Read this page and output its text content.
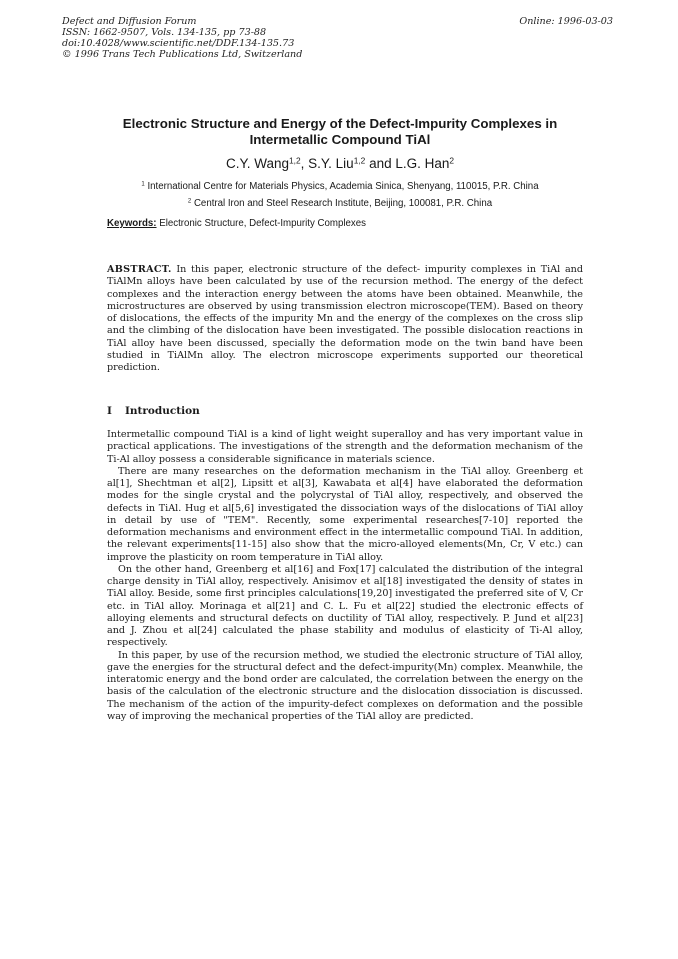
Defect and Diffusion Forum
ISSN: 1662-9507, Vols. 134-135, pp 73-88
doi:10.4028/www.scientific.net/DDF.134-135.73
© 1996 Trans Tech Publications Ltd, Switzerland
Online: 1996-03-03
Electronic Structure and Energy of the Defect-Impurity Complexes in
Intermetallic Compound TiAl
C.Y. Wang$^{1,2}$, S.Y. Liu$^{1,2}$ and L.G. Han$^2$
$^1$ International Centre for Materials Physics, Academia Sinica, Shenyang, 110015, P.R. China
$^2$ Central Iron and Steel Research Institute, Beijing, 100081, P.R. China
Keywords: Electronic Structure, Defect-Impurity Complexes
ABSTRACT. In this paper, electronic structure of the defect- impurity complexes in TiAl and TiAlMn alloys have been calculated by use of the recursion method. The energy of the defect complexes and the interaction energy between the atoms have been obtained. Meanwhile, the microstructures are observed by using transmission electron microscope(TEM). Based on theory of dislocations, the effects of the impurity Mn and the energy of the complexes on the cross slip and the climbing of the dislocation have been investigated. The possible dislocation reactions in TiAl alloy have been discussed, specially the deformation mode on the twin band have been studied in TiAlMn alloy. The electron microscope experiments supported our theoretical prediction.
I Introduction

Intermetallic compound TiAl is a kind of light weight superalloy and has very important value in practical applications. The investigations of the strength and the deformation mechanism of the Ti-Al alloy possess a considerable significance in materials science.

There are many researches on the deformation mechanism in the TiAl alloy. Greenberg et al[1], Shechtman et al[2], Lipsitt et al[3], Kawabata et al[4] have elaborated the deformation modes for the single crystal and the polycrystal of TiAl alloy, respectively, and observed the defects in TiAl. Hug et al[5,6] investigated the dissociation ways of the dislocations of TiAl alloy in detail by use of "TEM". Recently, some experimental researches[7-10] reported the deformation mechanisms and environment effect in the intermetallic compound TiAl. In addition, the relevant experiments[11-15] also show that the micro-alloyed elements(Mn, Cr, V etc.) can improve the plasticity on room temperature in TiAl alloy.

On the other hand, Greenberg et al[16] and Fox[17] calculated the distribution of the integral charge density in TiAl alloy, respectively. Anisimov et al[18] investigated the density of states in TiAl alloy. Beside, some first principles calculations[19,20] investigated the preferred site of V, Cr etc. in TiAl alloy. Morinaga et al[21] and C. L. Fu et al[22] studied the electronic effects of alloying elements and structural defects on ductility of TiAl alloy, respectively. P. Jund et al[23] and J. Zhou et al[24] calculated the phase stability and modulus of elasticity of Ti-Al alloy, respectively.

In this paper, by use of the recursion method, we studied the electronic structure of TiAl alloy, gave the energies for the structural defect and the defect-impurity(Mn) complex. Meanwhile, the interatomic energy and the bond order are calculated, the correlation between the energy on the basis of the calculation of the electronic structure and the dislocation dissociation is discussed. The mechanism of the action of the impurity-defect complexes on deformation and the possible way of improving the mechanical properties of the TiAl alloy are predicted.
